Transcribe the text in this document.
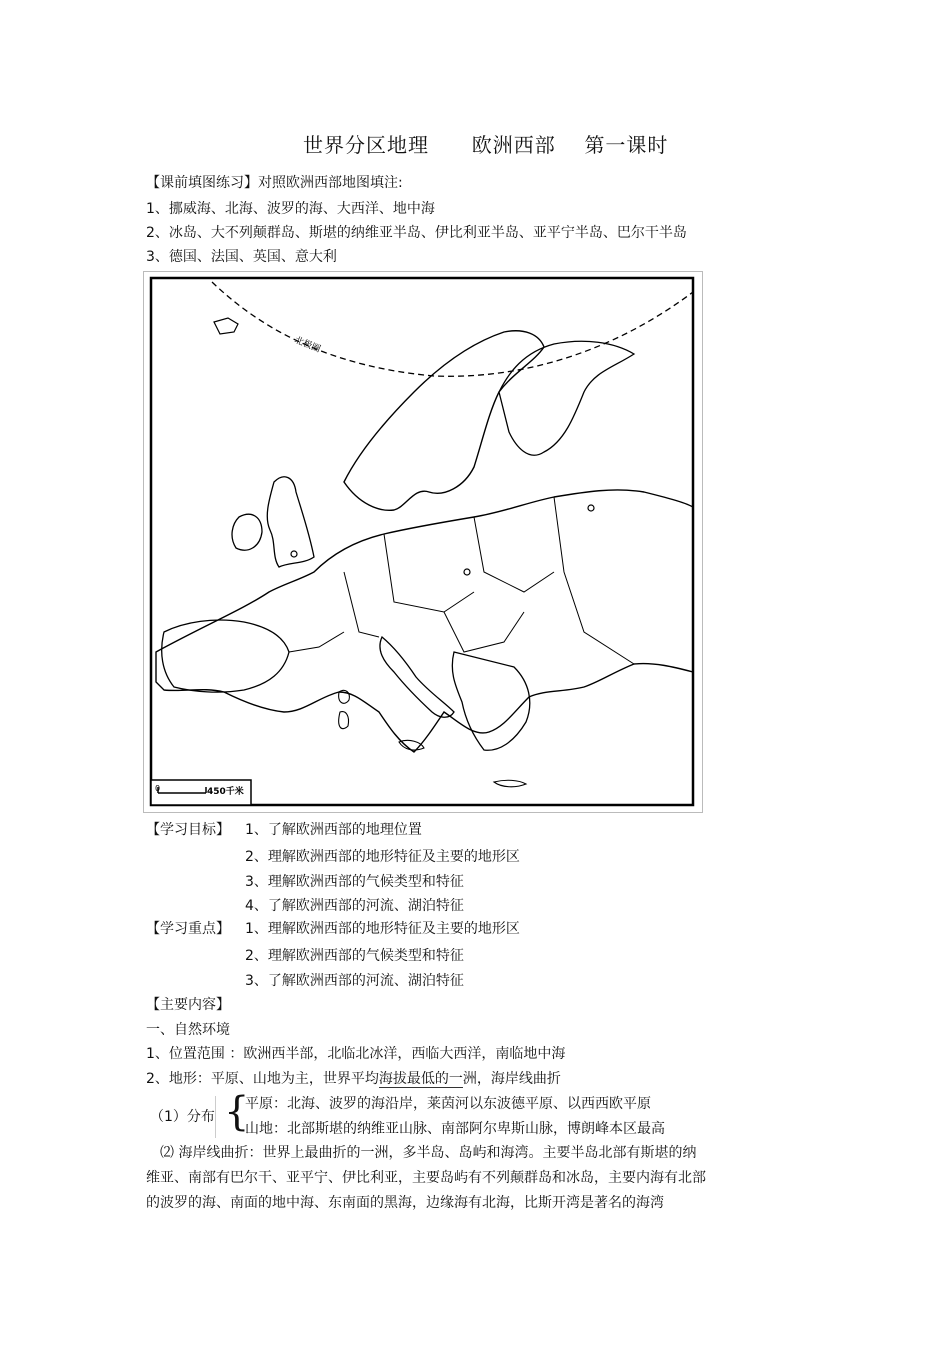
世界分区地理 欧洲西部 第一课时
【课前填图练习】对照欧洲西部地图填注:
1、挪威海、北海、波罗的海、大西洋、地中海
2、冰岛、大不列颠群岛、斯堪的纳维亚半岛、伊比利亚半岛、亚平宁半岛、巴尔干半岛
3、德国、法国、英国、意大利
北极圈
0	450千米
【学习目标】 1、了解欧洲西部的地理位置
2、理解欧洲西部的地形特征及主要的地形区
3、理解欧洲西部的气候类型和特征
4、了解欧洲西部的河流、湖泊特征
【学习重点】 1、理解欧洲西部的地形特征及主要的地形区
2、理解欧洲西部的气候类型和特征
3、了解欧洲西部的河流、湖泊特征
【主要内容】
一、自然环境
1、位置范围 ：欧洲西半部，北临北冰洋，西临大西洋，南临地中海
2、地形：平原、山地为主，世界平均海拔最低的一洲，海岸线曲折
（1）分布 {
平原：北海、波罗的海沿岸，莱茵河以东波德平原、以西西欧平原
山地：北部斯堪的纳维亚山脉、南部阿尔卑斯山脉，博朗峰本区最高
⑵ 海岸线曲折：世界上最曲折的一洲，多半岛、岛屿和海湾。主要半岛北部有斯堪的纳
维亚、南部有巴尔干、亚平宁、伊比利亚，主要岛屿有不列颠群岛和冰岛，主要内海有北部
的波罗的海、南面的地中海、东南面的黑海，边缘海有北海，比斯开湾是著名的海湾
